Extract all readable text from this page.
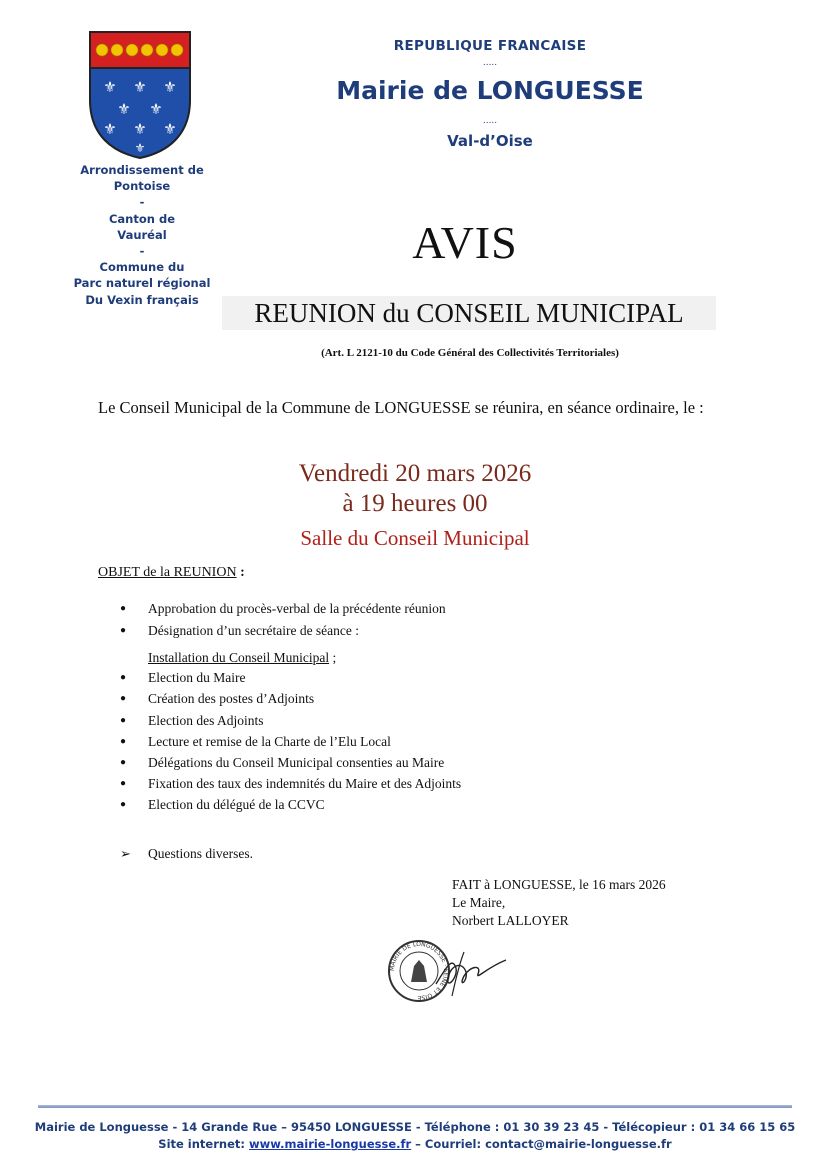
⚜ ⚜ ⚜
⚜ ⚜
⚜ ⚜ ⚜
⚜
Arrondissement de
Pontoise
-
Canton de
Vauréal
-
Commune du
Parc naturel régional
Du Vexin français
REPUBLIQUE FRANCAISE
.....
Mairie de LONGUESSE
.....
Val-d’Oise
AVIS
REUNION du CONSEIL MUNICIPAL
(Art. L 2121-10 du Code Général des Collectivités Territoriales)
Le Conseil Municipal de la Commune de LONGUESSE se réunira, en séance ordinaire, le :
Vendredi 20 mars 2026
à 19 heures 00
Salle du Conseil Municipal
OBJET de la REUNION :
● Approbation du procès-verbal de la précédente réunion
● Désignation d’un secrétaire de séance :
Installation du Conseil Municipal ;
● Election du Maire
● Création des postes d’Adjoints
● Election des Adjoints
● Lecture et remise de la Charte de l’Elu Local
● Délégations du Conseil Municipal consenties au Maire
● Fixation des taux des indemnités du Maire et des Adjoints
● Election du délégué de la CCVC
➢ Questions diverses.
FAIT à LONGUESSE, le 16 mars 2026
Le Maire,
Norbert LALLOYER
MAIRIE DE LONGUESSE · SEINE ET OISE
Mairie de Longuesse - 14 Grande Rue – 95450 LONGUESSE - Téléphone : 01 30 39 23 45 - Télécopieur : 01 34 66 15 65
Site internet: www.mairie-longuesse.fr – Courriel: contact@mairie-longuesse.fr
